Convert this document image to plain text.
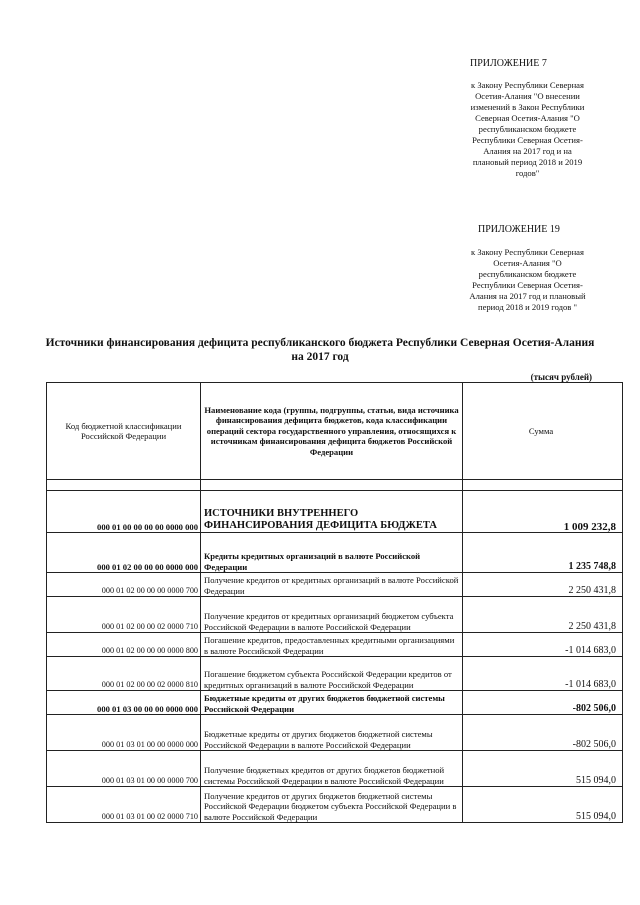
ПРИЛОЖЕНИЕ 7
к Закону Республики Северная
Осетия-Алания "О внесении
изменений в Закон Республики
Северная Осетия-Алания "О
республиканском бюджете
Республики Северная Осетия-
Алания на 2017 год и на
плановый период 2018 и 2019
годов"
ПРИЛОЖЕНИЕ 19
к Закону Республики Северная
Осетия-Алания "О
республиканском бюджете
Республики Северная Осетия-
Алания на 2017 год и плановый
период 2018 и 2019 годов "
Источники финансирования дефицита республиканского бюджета Республики Северная Осетия-Алания
на 2017 год
(тысяч рублей)
Код бюджетной классификации Российской Федерации	Наименование кода (группы, подгруппы, статьи, вида источника финансирования дефицита бюджетов, кода классификации операций сектора государственного управления, относящихся к источникам финансирования дефицита бюджетов Российской Федерации	Сумма

000 01 00 00 00 00 0000 000	ИСТОЧНИКИ ВНУТРЕННЕГО ФИНАНСИРОВАНИЯ ДЕФИЦИТА БЮДЖЕТА	1 009 232,8
000 01 02 00 00 00 0000 000	Кредиты кредитных организаций в валюте Российской Федерации	1 235 748,8
000 01 02 00 00 00 0000 700	Получение кредитов от кредитных организаций в валюте Российской Федерации	2 250 431,8
000 01 02 00 00 02 0000 710	Получение кредитов от кредитных организаций бюджетом субъекта Российской Федерации в валюте Российской Федерации	2 250 431,8
000 01 02 00 00 00 0000 800	Погашение кредитов, предоставленных кредитными организациями в валюте Российской Федерации	-1 014 683,0
000 01 02 00 00 02 0000 810	Погашение бюджетом субъекта Российской Федерации кредитов от кредитных организаций в валюте Российской Федерации	-1 014 683,0
000 01 03 00 00 00 0000 000	Бюджетные кредиты от других бюджетов бюджетной системы Российской Федерации	-802 506,0
000 01 03 01 00 00 0000 000	Бюджетные кредиты от других бюджетов бюджетной системы Российской Федерации в валюте Российской Федерации	-802 506,0
000 01 03 01 00 00 0000 700	Получение бюджетных кредитов от других бюджетов бюджетной системы Российской Федерации в валюте Российской Федерации	515 094,0
000 01 03 01 00 02 0000 710	Получение кредитов от других бюджетов бюджетной системы Российской Федерации бюджетом субъекта Российской Федерации в валюте Российской Федерации	515 094,0
